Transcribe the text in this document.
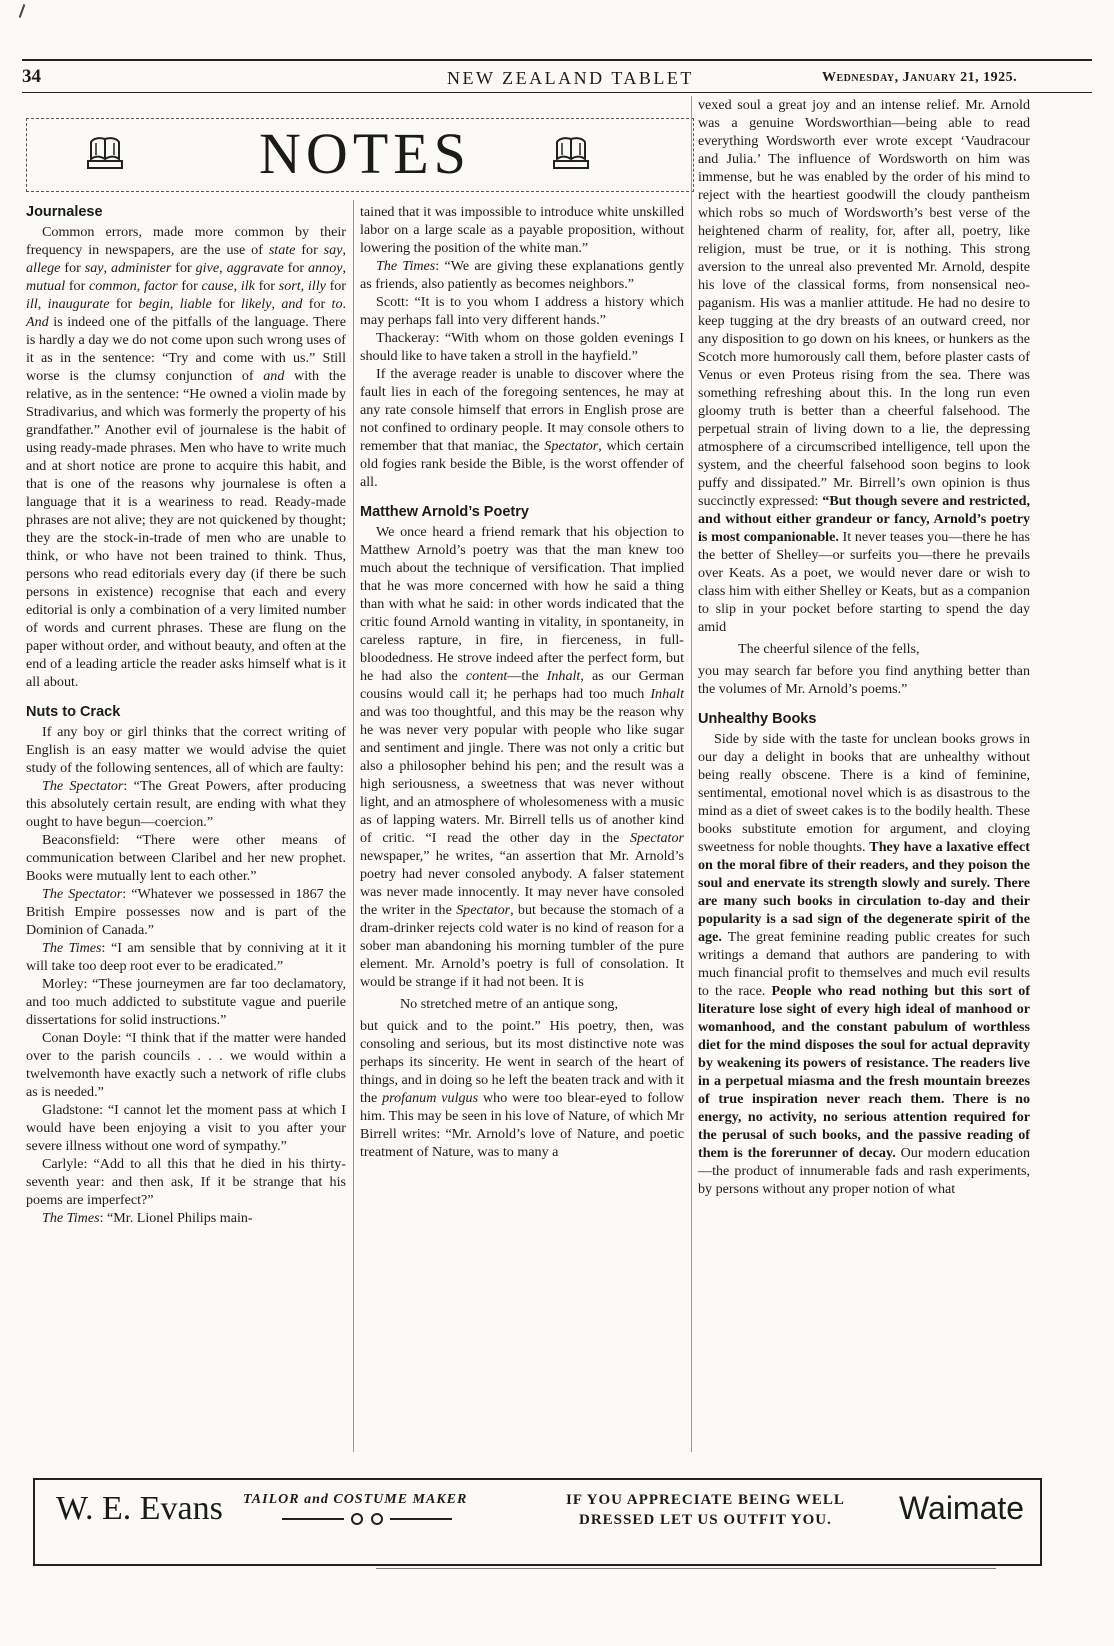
34	NEW ZEALAND TABLET	Wednesday, January 21, 1925.
NOTES
Journalese

Common errors, made more common by their frequency in newspapers, are the use of state for say, allege for say, administer for give, aggravate for annoy, mutual for common, factor for cause, ilk for sort, illy for ill, inaugurate for begin, liable for likely, and for to. And is indeed one of the pitfalls of the language. There is hardly a day we do not come upon such wrong uses of it as in the sentence: “Try and come with us.” Still worse is the clumsy conjunction of and with the relative, as in the sentence: “He owned a violin made by Stradivarius, and which was formerly the property of his grandfather.” Another evil of journalese is the habit of using ready-made phrases. Men who have to write much and at short notice are prone to acquire this habit, and that is one of the reasons why journalese is often a language that it is a weariness to read. Ready-made phrases are not alive; they are not quickened by thought; they are the stock-in-trade of men who are unable to think, or who have not been trained to think. Thus, persons who read editorials every day (if there be such persons in existence) recognise that each and every editorial is only a combination of a very limited number of words and current phrases. These are flung on the paper without order, and without beauty, and often at the end of a leading article the reader asks himself what is it all about.

Nuts to Crack

If any boy or girl thinks that the correct writing of English is an easy matter we would advise the quiet study of the following sentences, all of which are faulty:

The Spectator: “The Great Powers, after producing this absolutely certain result, are ending with what they ought to have begun—coercion.”

Beaconsfield: “There were other means of communication between Claribel and her new prophet. Books were mutually lent to each other.”

The Spectator: “Whatever we possessed in 1867 the British Empire possesses now and is part of the Dominion of Canada.”

The Times: “I am sensible that by conniving at it it will take too deep root ever to be eradicated.”

Morley: “These journeymen are far too declamatory, and too much addicted to substitute vague and puerile dissertations for solid instructions.”

Conan Doyle: “I think that if the matter were handed over to the parish councils . . . we would within a twelvemonth have exactly such a network of rifle clubs as is needed.”

Gladstone: “I cannot let the moment pass at which I would have been enjoying a visit to you after your severe illness without one word of sympathy.”

Carlyle: “Add to all this that he died in his thirty-seventh year: and then ask, If it be strange that his poems are imperfect?”

The Times: “Mr. Lionel Philips main-

tained that it was impossible to introduce white unskilled labor on a large scale as a payable proposition, without lowering the position of the white man.”

The Times: “We are giving these explanations gently as friends, also patiently as becomes neighbors.”

Scott: “It is to you whom I address a history which may perhaps fall into very different hands.”

Thackeray: “With whom on those golden evenings I should like to have taken a stroll in the hayfield.”

If the average reader is unable to discover where the fault lies in each of the foregoing sentences, he may at any rate console himself that errors in English prose are not confined to ordinary people. It may console others to remember that that maniac, the Spectator, which certain old fogies rank beside the Bible, is the worst offender of all.

Matthew Arnold’s Poetry

We once heard a friend remark that his objection to Matthew Arnold’s poetry was that the man knew too much about the technique of versification. That implied that he was more concerned with how he said a thing than with what he said: in other words indicated that the critic found Arnold wanting in vitality, in spontaneity, in careless rapture, in fire, in fierceness, in full-bloodedness. He strove indeed after the perfect form, but he had also the content—the Inhalt, as our German cousins would call it; he perhaps had too much Inhalt and was too thoughtful, and this may be the reason why he was never very popular with people who like sugar and sentiment and jingle. There was not only a critic but also a philosopher behind his pen; and the result was a high seriousness, a sweetness that was never without light, and an atmosphere of wholesomeness with a music as of lapping waters. Mr. Birrell tells us of another kind of critic. “I read the other day in the Spectator newspaper,” he writes, “an assertion that Mr. Arnold’s poetry had never consoled anybody. A falser statement was never made innocently. It may never have consoled the writer in the Spectator, but because the stomach of a dram-drinker rejects cold water is no kind of reason for a sober man abandoning his morning tumbler of the pure element. Mr. Arnold’s poetry is full of consolation. It would be strange if it had not been. It is

No stretched metre of an antique song,

but quick and to the point.” His poetry, then, was consoling and serious, but its most distinctive note was perhaps its sincerity. He went in search of the heart of things, and in doing so he left the beaten track and with it the profanum vulgus who were too blear-eyed to follow him. This may be seen in his love of Nature, of which Mr Birrell writes: “Mr. Arnold’s love of Nature, and poetic treatment of Nature, was to many a

vexed soul a great joy and an intense relief. Mr. Arnold was a genuine Wordsworthian—being able to read everything Wordsworth ever wrote except ‘Vaudracour and Julia.’ The influence of Wordsworth on him was immense, but he was enabled by the order of his mind to reject with the heartiest goodwill the cloudy pantheism which robs so much of Wordsworth’s best verse of the heightened charm of reality, for, after all, poetry, like religion, must be true, or it is nothing. This strong aversion to the unreal also prevented Mr. Arnold, despite his love of the classical forms, from nonsensical neo-paganism. His was a manlier attitude. He had no desire to keep tugging at the dry breasts of an outward creed, nor any disposition to go down on his knees, or hunkers as the Scotch more humorously call them, before plaster casts of Venus or even Proteus rising from the sea. There was something refreshing about this. In the long run even gloomy truth is better than a cheerful falsehood. The perpetual strain of living down to a lie, the depressing atmosphere of a circumscribed intelligence, tell upon the system, and the cheerful falsehood soon begins to look puffy and dissipated.” Mr. Birrell’s own opinion is thus succinctly expressed: “But though severe and restricted, and without either grandeur or fancy, Arnold’s poetry is most companionable. It never teases you—there he has the better of Shelley—or surfeits you—there he prevails over Keats. As a poet, we would never dare or wish to class him with either Shelley or Keats, but as a companion to slip in your pocket before starting to spend the day amid

The cheerful silence of the fells,

you may search far before you find anything better than the volumes of Mr. Arnold’s poems.”

Unhealthy Books

Side by side with the taste for unclean books grows in our day a delight in books that are unhealthy without being really obscene. There is a kind of feminine, sentimental, emotional novel which is as disastrous to the mind as a diet of sweet cakes is to the bodily health. These books substitute emotion for argument, and cloying sweetness for noble thoughts. They have a laxative effect on the moral fibre of their readers, and they poison the soul and enervate its strength slowly and surely. There are many such books in circulation to-day and their popularity is a sad sign of the degenerate spirit of the age. The great feminine reading public creates for such writings a demand that authors are pandering to with much financial profit to themselves and much evil results to the race. People who read nothing but this sort of literature lose sight of every high ideal of manhood or womanhood, and the constant pabulum of worthless diet for the mind disposes the soul for actual depravity by weakening its powers of resistance. The readers live in a perpetual miasma and the fresh mountain breezes of true inspiration never reach them. There is no energy, no activity, no serious attention required for the perusal of such books, and the passive reading of them is the forerunner of decay. Our modern education—the product of innumerable fads and rash experiments, by persons without any proper notion of what

W. E. Evans TAILOR and COSTUME MAKER	IF YOU APPRECIATE BEING WELL
DRESSED LET US OUTFIT YOU.	Waimate
